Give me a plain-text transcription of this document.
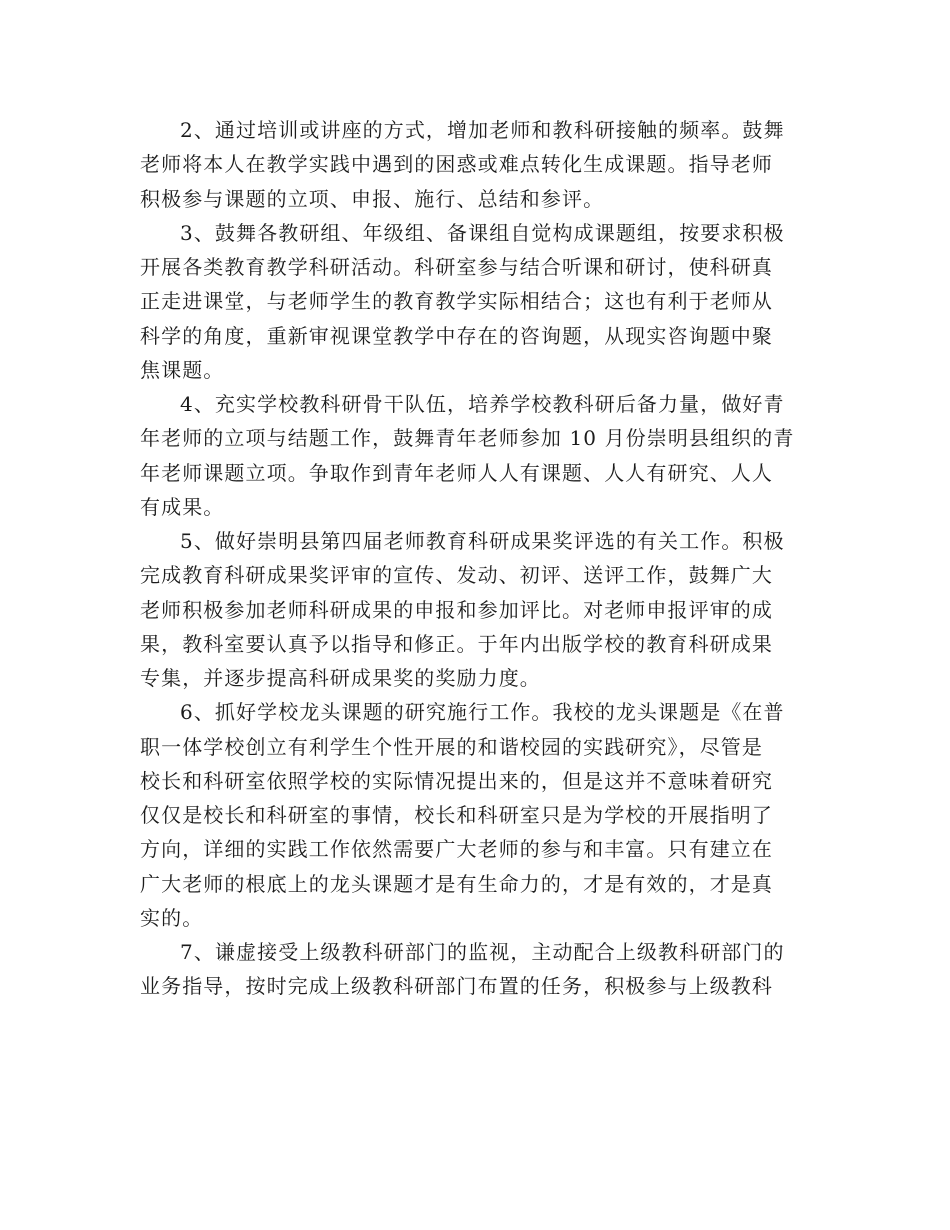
2、通过培训或讲座的方式，增加老师和教科研接触的频率。鼓舞
老师将本人在教学实践中遇到的困惑或难点转化生成课题。指导老师
积极参与课题的立项、申报、施行、总结和参评。
3、鼓舞各教研组、年级组、备课组自觉构成课题组，按要求积极
开展各类教育教学科研活动。科研室参与结合听课和研讨，使科研真
正走进课堂，与老师学生的教育教学实际相结合；这也有利于老师从
科学的角度，重新审视课堂教学中存在的咨询题，从现实咨询题中聚
焦课题。
4、充实学校教科研骨干队伍，培养学校教科研后备力量，做好青
年老师的立项与结题工作，鼓舞青年老师参加 10 月份崇明县组织的青
年老师课题立项。争取作到青年老师人人有课题、人人有研究、人人
有成果。
5、做好崇明县第四届老师教育科研成果奖评选的有关工作。积极
完成教育科研成果奖评审的宣传、发动、初评、送评工作，鼓舞广大
老师积极参加老师科研成果的申报和参加评比。对老师申报评审的成
果，教科室要认真予以指导和修正。于年内出版学校的教育科研成果
专集，并逐步提高科研成果奖的奖励力度。
6、抓好学校龙头课题的研究施行工作。我校的龙头课题是《在普
职一体学校创立有利学生个性开展的和谐校园的实践研究》，尽管是
校长和科研室依照学校的实际情况提出来的，但是这并不意味着研究
仅仅是校长和科研室的事情，校长和科研室只是为学校的开展指明了
方向，详细的实践工作依然需要广大老师的参与和丰富。只有建立在
广大老师的根底上的龙头课题才是有生命力的，才是有效的，才是真
实的。
7、谦虚接受上级教科研部门的监视，主动配合上级教科研部门的
业务指导，按时完成上级教科研部门布置的任务，积极参与上级教科
